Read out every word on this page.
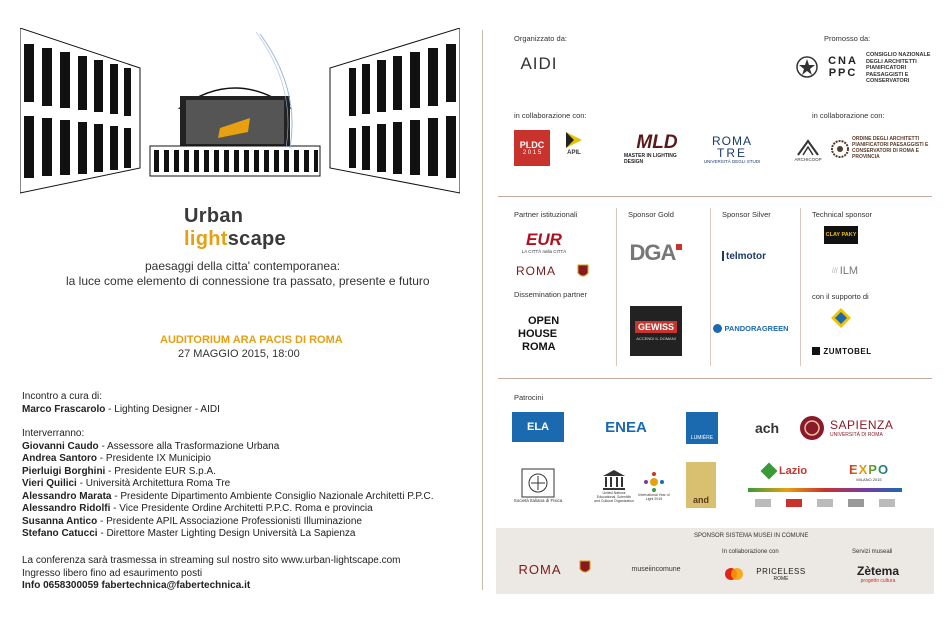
Urban
lightscape
paesaggi della citta' contemporanea:
la luce come elemento di connessione tra passato, presente e futuro
AUDITORIUM ARA PACIS DI ROMA
27 MAGGIO 2015, 18:00
Incontro a cura di:
Marco Frascarolo - Lighting Designer - AIDI
Interverranno:
Giovanni Caudo - Assessore alla Trasformazione Urbana
Andrea Santoro - Presidente IX Municipio
Pierluigi Borghini - Presidente EUR S.p.A.
Vieri Quilici - Università Architettura Roma Tre
Alessandro Marata - Presidente Dipartimento Ambiente Consiglio Nazionale Architetti P.P.C.
Alessandro Ridolfi - Vice Presidente Ordine Architetti P.P.C. Roma e provincia
Susanna Antico - Presidente APIL Associazione Professionisti Illuminazione
Stefano Catucci - Direttore Master Lighting Design Università La Sapienza
La conferenza sarà trasmessa in streaming sul nostro sito www.urban-lightscape.com
Ingresso libero fino ad esaurimento posti
Info 0658300059 fabertechnica@fabertechnica.it
Organizzato da:	Promosso da:
AIDI	CNA PPC
CONSIGLIO NAZIONALE DEGLI ARCHITETTI PIANIFICATORI PAESAGGISTI E CONSERVATORI
in collaborazione con:	in collaborazione con:
PLDC
2 0 1 5	APIL	MLD
MASTER IN LIGHTING DESIGN
ROMA
TRE
UNIVERSITÀ DEGLI STUDI	ARCHICOOP
ORDINE DEGLI ARCHITETTI PIANIFICATORI PAESAGGISTI E CONSERVATORI DI ROMA E PROVINCIA
Partner istituzionali	Sponsor Gold	Sponsor Silver	Technical sponsor
EUR
LA CITTÀ nella CITTÀ
ROMA
Dissemination partner
OPEN
HOUSE
ROMA
DGA
GEWISS
ACCENDI IL DOMANI
telmotor
PANDORAGREEN
CLAY PAKY
/// ILM
con il supporto di
ZUMTOBEL
Patrocini
ELA	ENEA
LUMIÈRE
ach	SAPIENZA
UNIVERSITÀ DI ROMA
Società Italiana di Fisica
United Nations Educational, Scientific and Cultural Organization
International Year of Light 2015	and
Lazio	EXPO
MILANO 2015
SPONSOR SISTEMA MUSEI IN COMUNE
In collaborazione con	Servizi museali
ROMA	museiincomune	PRICELESS
ROME
Zètema
progetto cultura
